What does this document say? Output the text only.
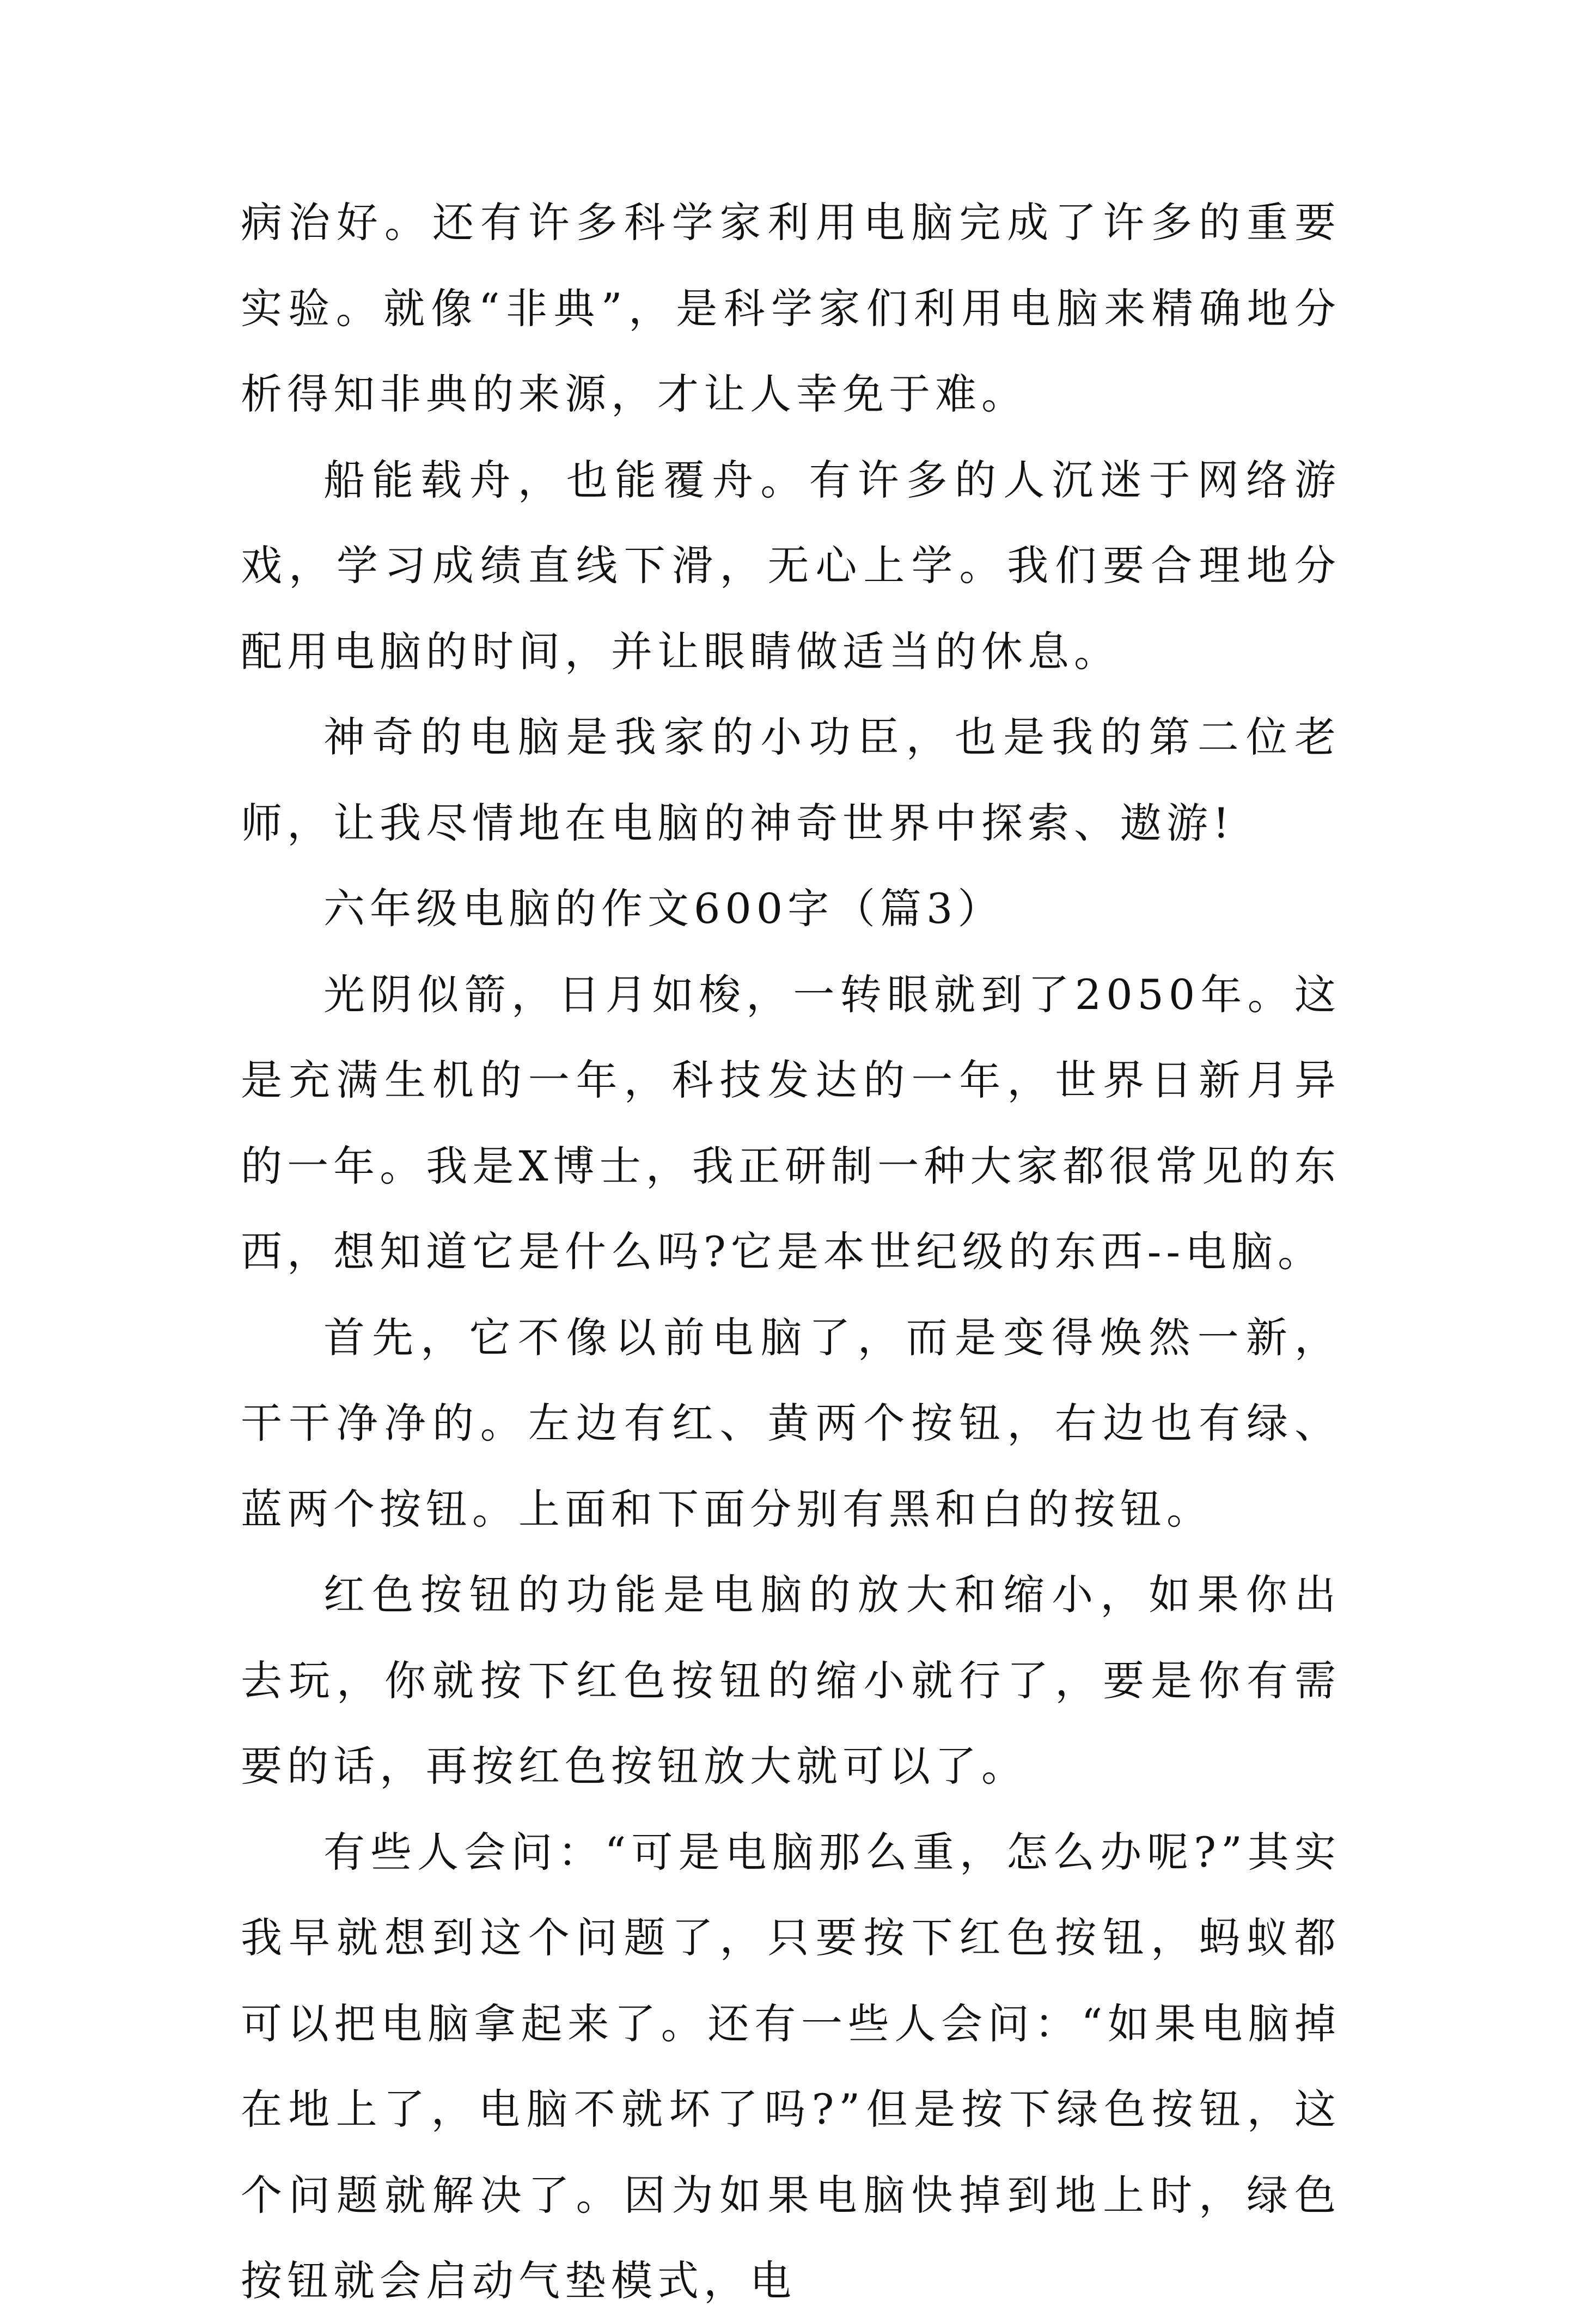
病治好。还有许多科学家利用电脑完成了许多的重要实验。就像“非典”，是科学家们利用电脑来精确地分析得知非典的来源，才让人幸免于难。

船能载舟，也能覆舟。有许多的人沉迷于网络游戏，学习成绩直线下滑，无心上学。我们要合理地分配用电脑的时间，并让眼睛做适当的休息。

神奇的电脑是我家的小功臣，也是我的第二位老师，让我尽情地在电脑的神奇世界中探索、遨游!

六年级电脑的作文600字（篇3）

光阴似箭，日月如梭，一转眼就到了2050年。这是充满生机的一年，科技发达的一年，世界日新月异的一年。我是X博士，我正研制一种大家都很常见的东西，想知道它是什么吗?它是本世纪级的东西--电脑。

首先，它不像以前电脑了，而是变得焕然一新，干干净净的。左边有红、黄两个按钮，右边也有绿、蓝两个按钮。上面和下面分别有黑和白的按钮。

红色按钮的功能是电脑的放大和缩小，如果你出去玩，你就按下红色按钮的缩小就行了，要是你有需要的话，再按红色按钮放大就可以了。

有些人会问：“可是电脑那么重，怎么办呢?”其实我早就想到这个问题了，只要按下红色按钮，蚂蚁都可以把电脑拿起来了。还有一些人会问：“如果电脑掉在地上了，电脑不就坏了吗?”但是按下绿色按钮，这个问题就解决了。因为如果电脑快掉到地上时，绿色按钮就会启动气垫模式，电
